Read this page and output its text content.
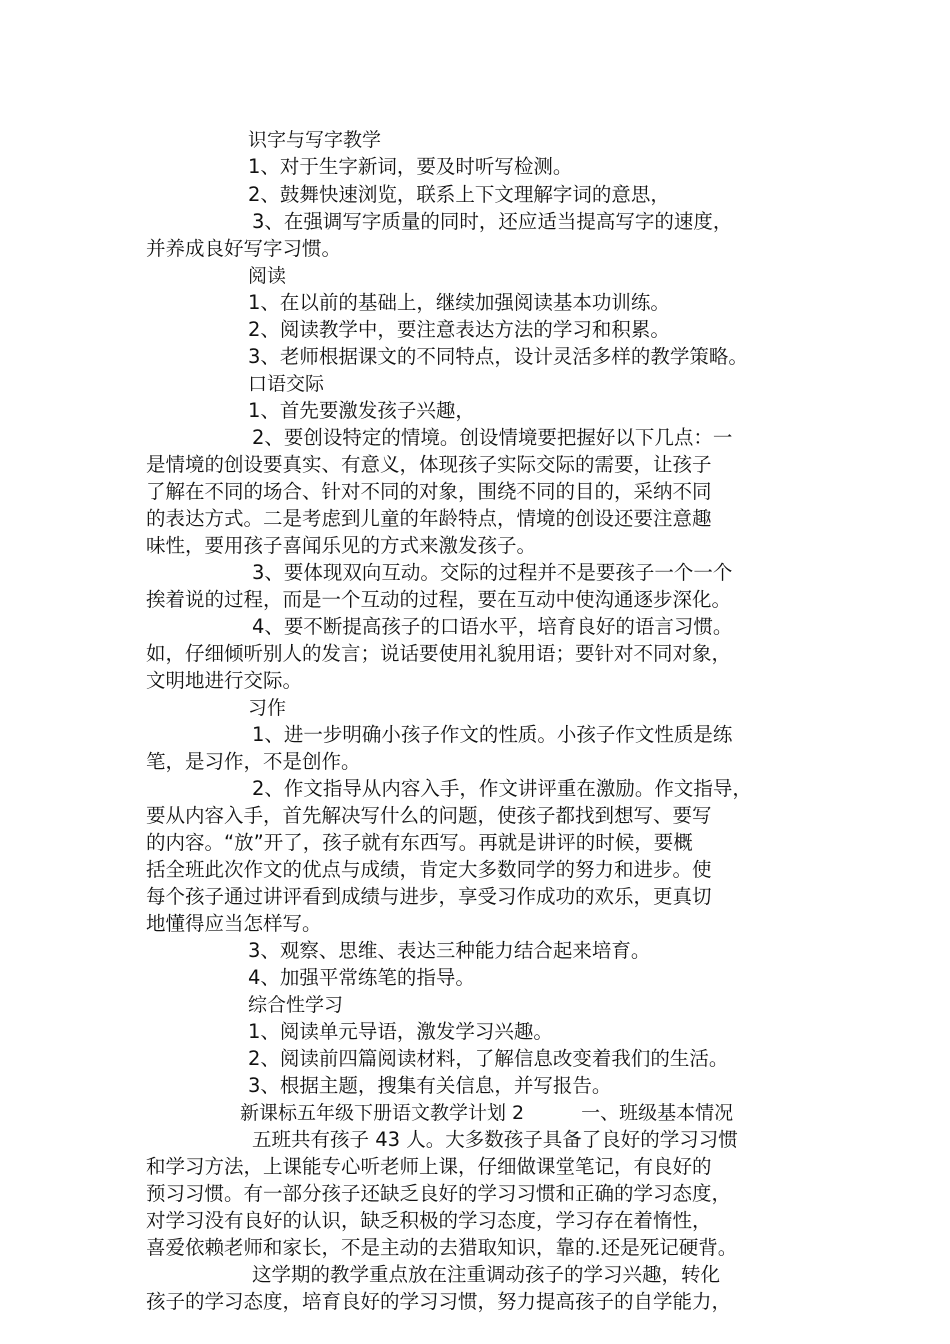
识字与写字教学
1、对于生字新词，要及时听写检测。
2、鼓舞快速浏览，联系上下文理解字词的意思，
3、在强调写字质量的同时，还应适当提高写字的速度，
并养成良好写字习惯。
阅读
1、在以前的基础上，继续加强阅读基本功训练。
2、阅读教学中，要注意表达方法的学习和积累。
3、老师根据课文的不同特点，设计灵活多样的教学策略。
口语交际
1、首先要激发孩子兴趣，
2、要创设特定的情境。创设情境要把握好以下几点：一
是情境的创设要真实、有意义，体现孩子实际交际的需要，让孩子
了解在不同的场合、针对不同的对象，围绕不同的目的，采纳不同
的表达方式。二是考虑到儿童的年龄特点，情境的创设还要注意趣
味性，要用孩子喜闻乐见的方式来激发孩子。
3、要体现双向互动。交际的过程并不是要孩子一个一个
挨着说的过程，而是一个互动的过程，要在互动中使沟通逐步深化。
4、要不断提高孩子的口语水平，培育良好的语言习惯。
如，仔细倾听别人的发言；说话要使用礼貌用语；要针对不同对象，
文明地进行交际。
习作
1、进一步明确小孩子作文的性质。小孩子作文性质是练
笔，是习作，不是创作。
2、作文指导从内容入手，作文讲评重在激励。作文指导，
要从内容入手，首先解决写什么的问题，使孩子都找到想写、要写
的内容。“放”开了，孩子就有东西写。再就是讲评的时候，要概
括全班此次作文的优点与成绩，肯定大多数同学的努力和进步。使
每个孩子通过讲评看到成绩与进步，享受习作成功的欢乐，更真切
地懂得应当怎样写。
3、观察、思维、表达三种能力结合起来培育。
4、加强平常练笔的指导。
综合性学习
1、阅读单元导语，激发学习兴趣。
2、阅读前四篇阅读材料，了解信息改变着我们的生活。
3、根据主题，搜集有关信息，并写报告。
新课标五年级下册语文教学计划 2　　　一、班级基本情况
五班共有孩子 43 人。大多数孩子具备了良好的学习习惯
和学习方法，上课能专心听老师上课，仔细做课堂笔记，有良好的
预习习惯。有一部分孩子还缺乏良好的学习习惯和正确的学习态度，
对学习没有良好的认识，缺乏积极的学习态度，学习存在着惰性，
喜爱依赖老师和家长，不是主动的去猎取知识，靠的.还是死记硬背。
这学期的教学重点放在注重调动孩子的学习兴趣，转化
孩子的学习态度，培育良好的学习习惯，努力提高孩子的自学能力，
